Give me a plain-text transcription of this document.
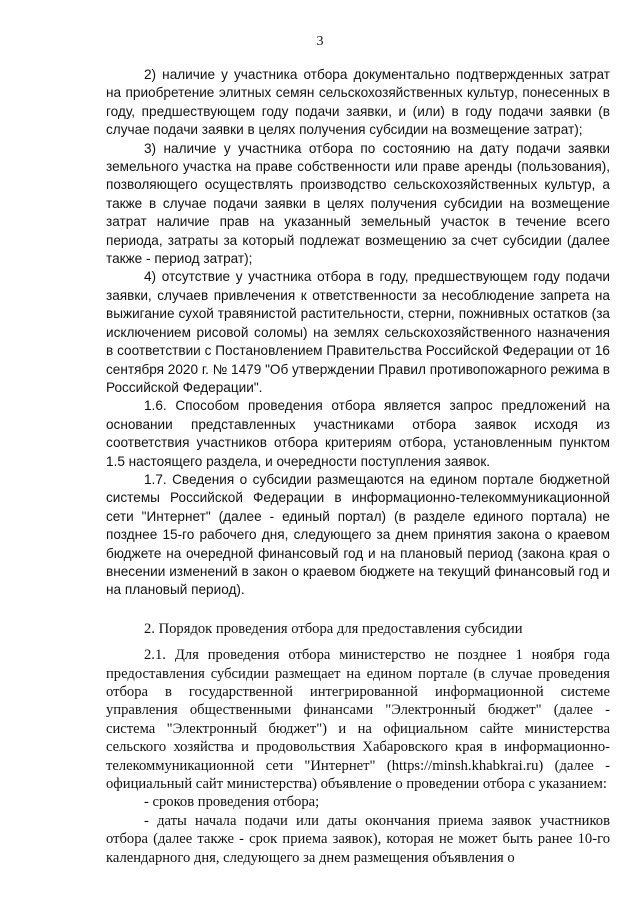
3

2) наличие у участника отбора документально подтвержденных затрат на приобретение элитных семян сельскохозяйственных культур, понесенных в году, предшествующем году подачи заявки, и (или) в году подачи заявки (в случае подачи заявки в целях получения субсидии на возмещение затрат);

3) наличие у участника отбора по состоянию на дату подачи заявки земельного участка на праве собственности или праве аренды (пользования), позволяющего осуществлять производство сельскохозяйственных культур, а также в случае подачи заявки в целях получения субсидии на возмещение затрат наличие прав на указанный земельный участок в течение всего периода, затраты за который подлежат возмещению за счет субсидии (далее также - период затрат);

4) отсутствие у участника отбора в году, предшествующем году подачи заявки, случаев привлечения к ответственности за несоблюдение запрета на выжигание сухой травянистой растительности, стерни, пожнивных остатков (за исключением рисовой соломы) на землях сельскохозяйственного назначения в соответствии с Постановлением Правительства Российской Федерации от 16 сентября 2020 г. № 1479 "Об утверждении Правил противопожарного режима в Российской Федерации".

1.6. Способом проведения отбора является запрос предложений на основании представленных участниками отбора заявок исходя из соответствия участников отбора критериям отбора, установленным пунктом 1.5 настоящего раздела, и очередности поступления заявок.

1.7. Сведения о субсидии размещаются на едином портале бюджетной системы Российской Федерации в информационно-телекоммуникационной сети "Интернет" (далее - единый портал) (в разделе единого портала) не позднее 15-го рабочего дня, следующего за днем принятия закона о краевом бюджете на очередной финансовый год и на плановый период (закона края о внесении изменений в закон о краевом бюджете на текущий финансовый год и на плановый период).

2. Порядок проведения отбора для предоставления субсидии

2.1. Для проведения отбора министерство не позднее 1 ноября года предоставления субсидии размещает на едином портале (в случае проведения отбора в государственной интегрированной информационной системе управления общественными финансами "Электронный бюджет" (далее - система "Электронный бюджет") и на официальном сайте министерства сельского хозяйства и продовольствия Хабаровского края в информационно-телекоммуникационной сети "Интернет" (https://minsh.khabkrai.ru) (далее - официальный сайт министерства) объявление о проведении отбора с указанием:

- сроков проведения отбора;

- даты начала подачи или даты окончания приема заявок участников отбора (далее также - срок приема заявок), которая не может быть ранее 10-го календарного дня, следующего за днем размещения объявления о
